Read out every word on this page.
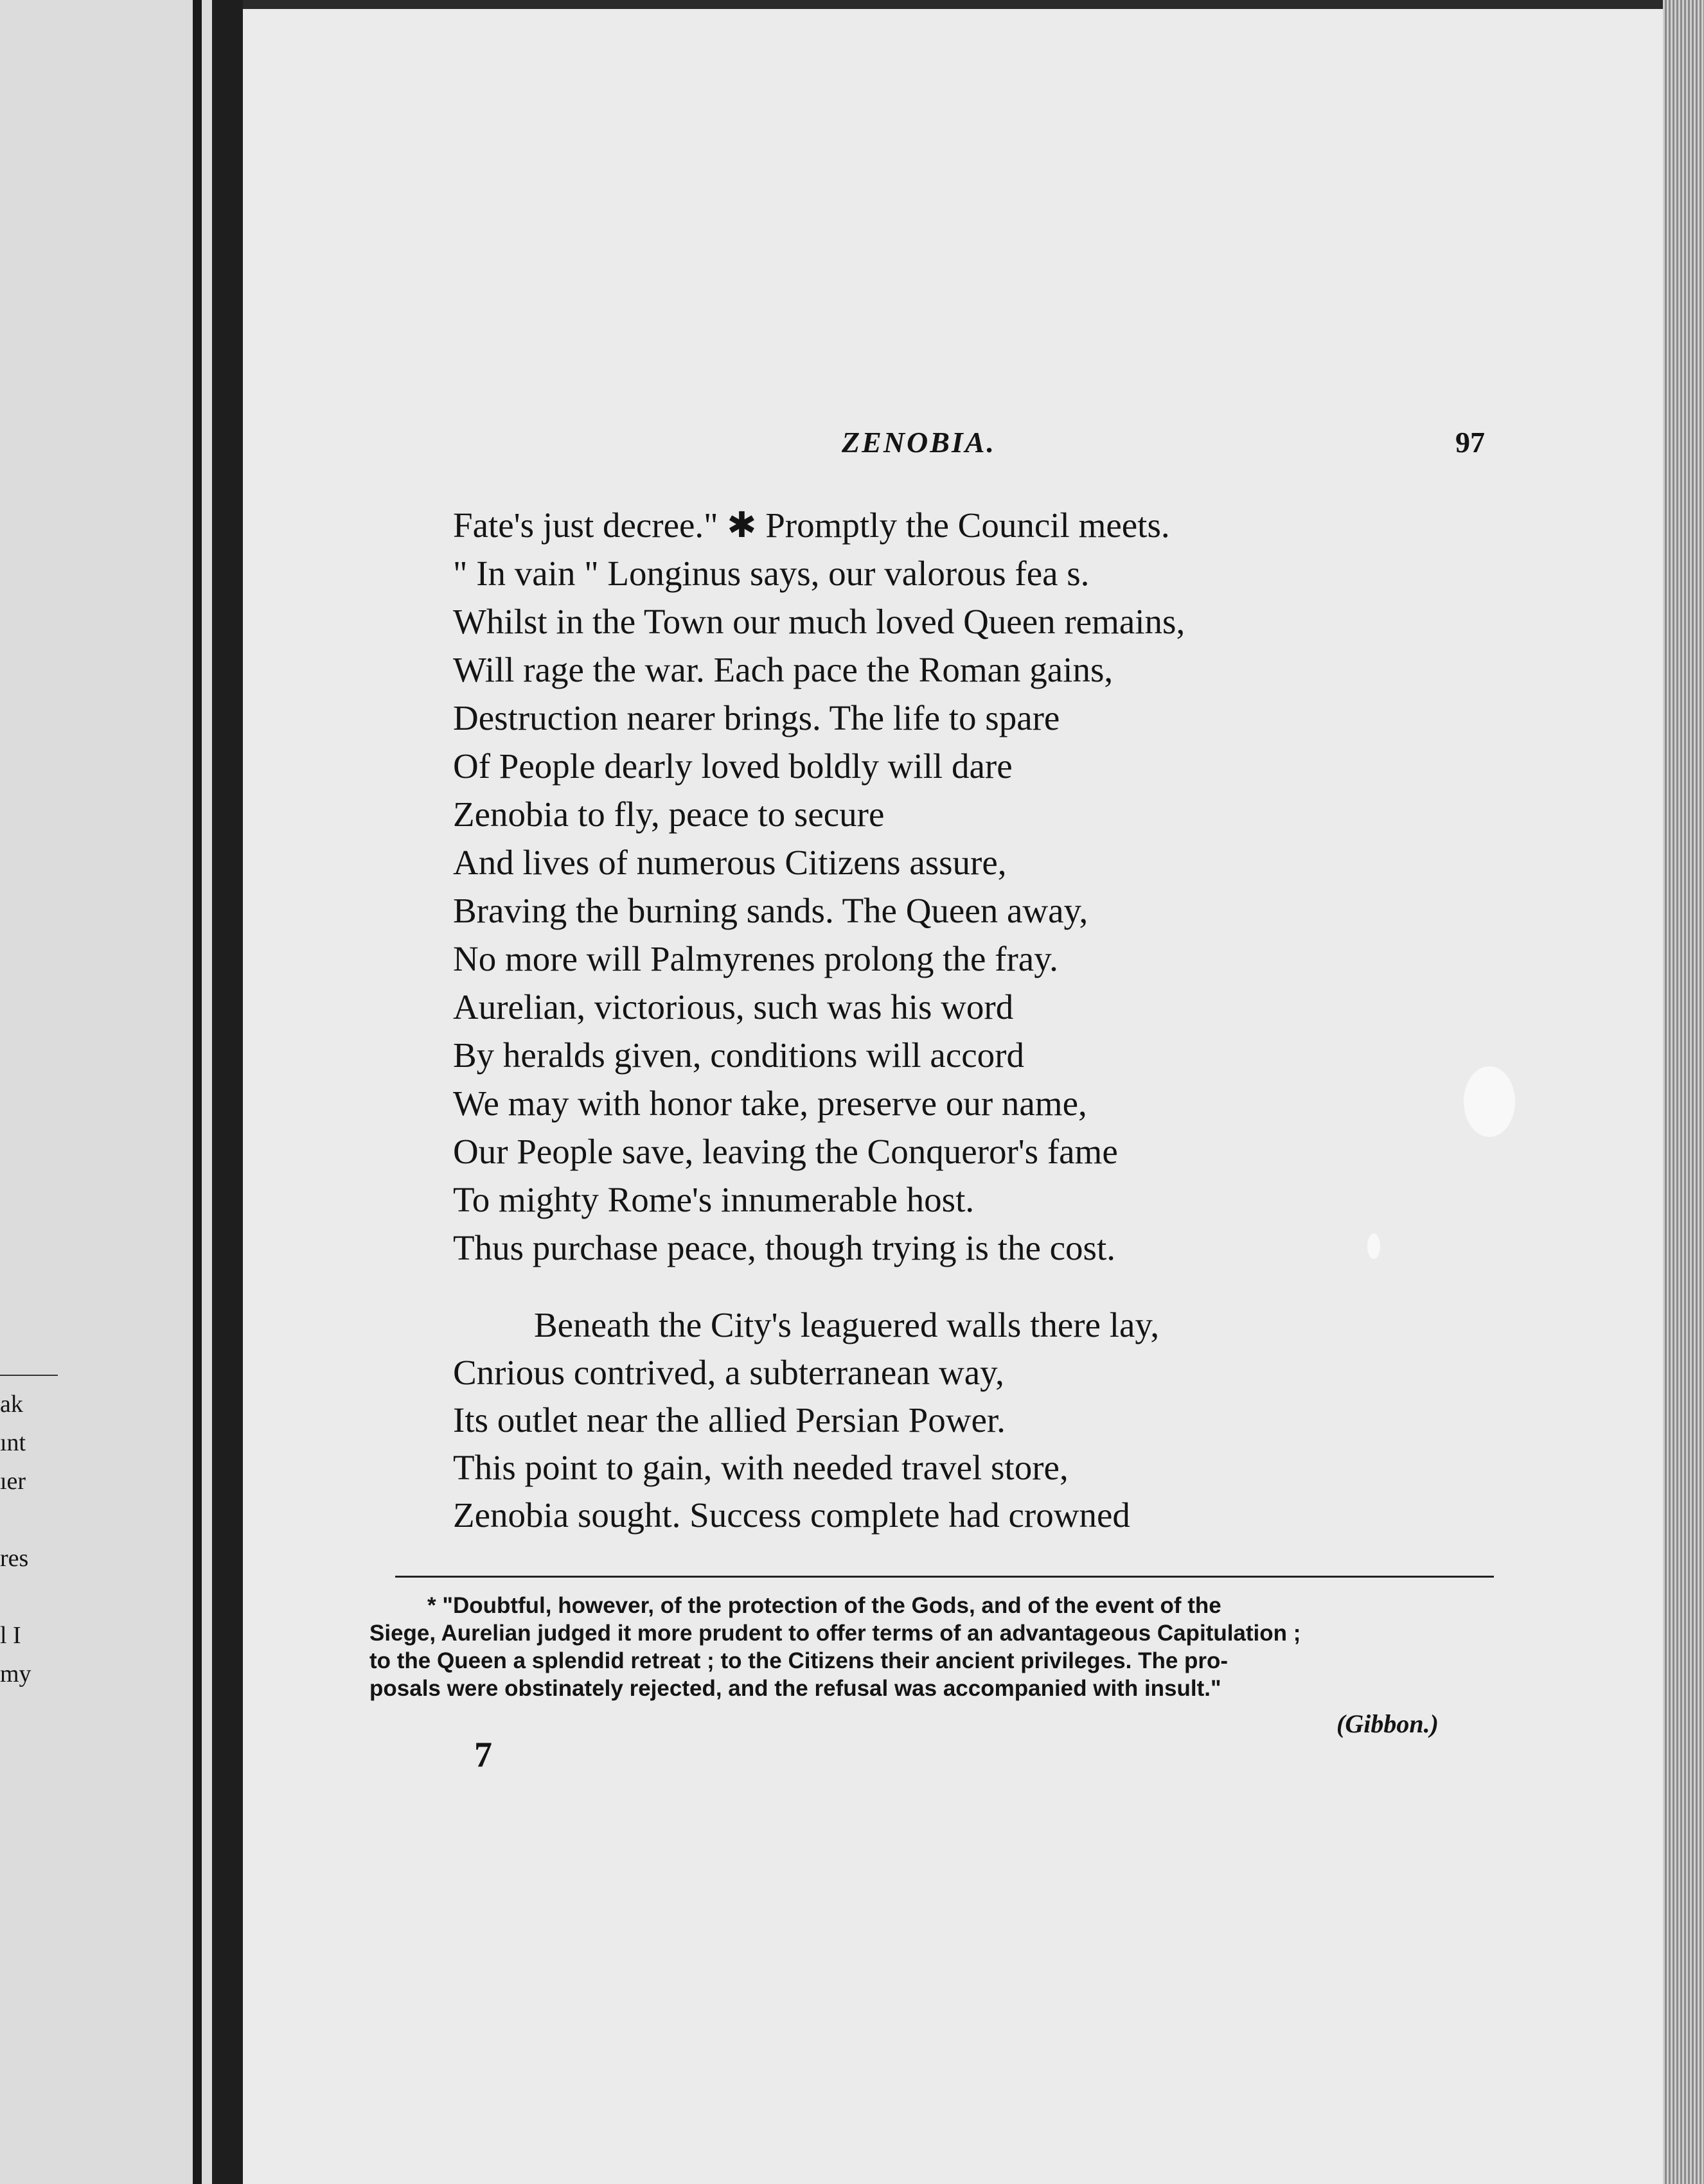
ak
ınt
ıer
res
l I
my
ZENOBIA.	97
Fate's just decree." ✱ Promptly the Council meets.
" In vain " Longinus says, our valorous fea s.
Whilst in the Town our much loved Queen remains,
Will rage the war. Each pace the Roman gains,
Destruction nearer brings. The life to spare
Of People dearly loved boldly will dare
Zenobia to fly, peace to secure
And lives of numerous Citizens assure,
Braving the burning sands. The Queen away,
No more will Palmyrenes prolong the fray.
Aurelian, victorious, such was his word
By heralds given, conditions will accord
We may with honor take, preserve our name,
Our People save, leaving the Conqueror's fame
To mighty Rome's innumerable host.
Thus purchase peace, though trying is the cost.
Beneath the City's leaguered walls there lay,
Cnrious contrived, a subterranean way,
Its outlet near the allied Persian Power.
This point to gain, with needed travel store,
Zenobia sought. Success complete had crowned
* "Doubtful, however, of the protection of the Gods, and of the event of the
Siege, Aurelian judged it more prudent to offer terms of an advantageous Capitulation ;
to the Queen a splendid retreat ; to the Citizens their ancient privileges. The pro-
posals were obstinately rejected, and the refusal was accompanied with insult."
(Gibbon.)
7
